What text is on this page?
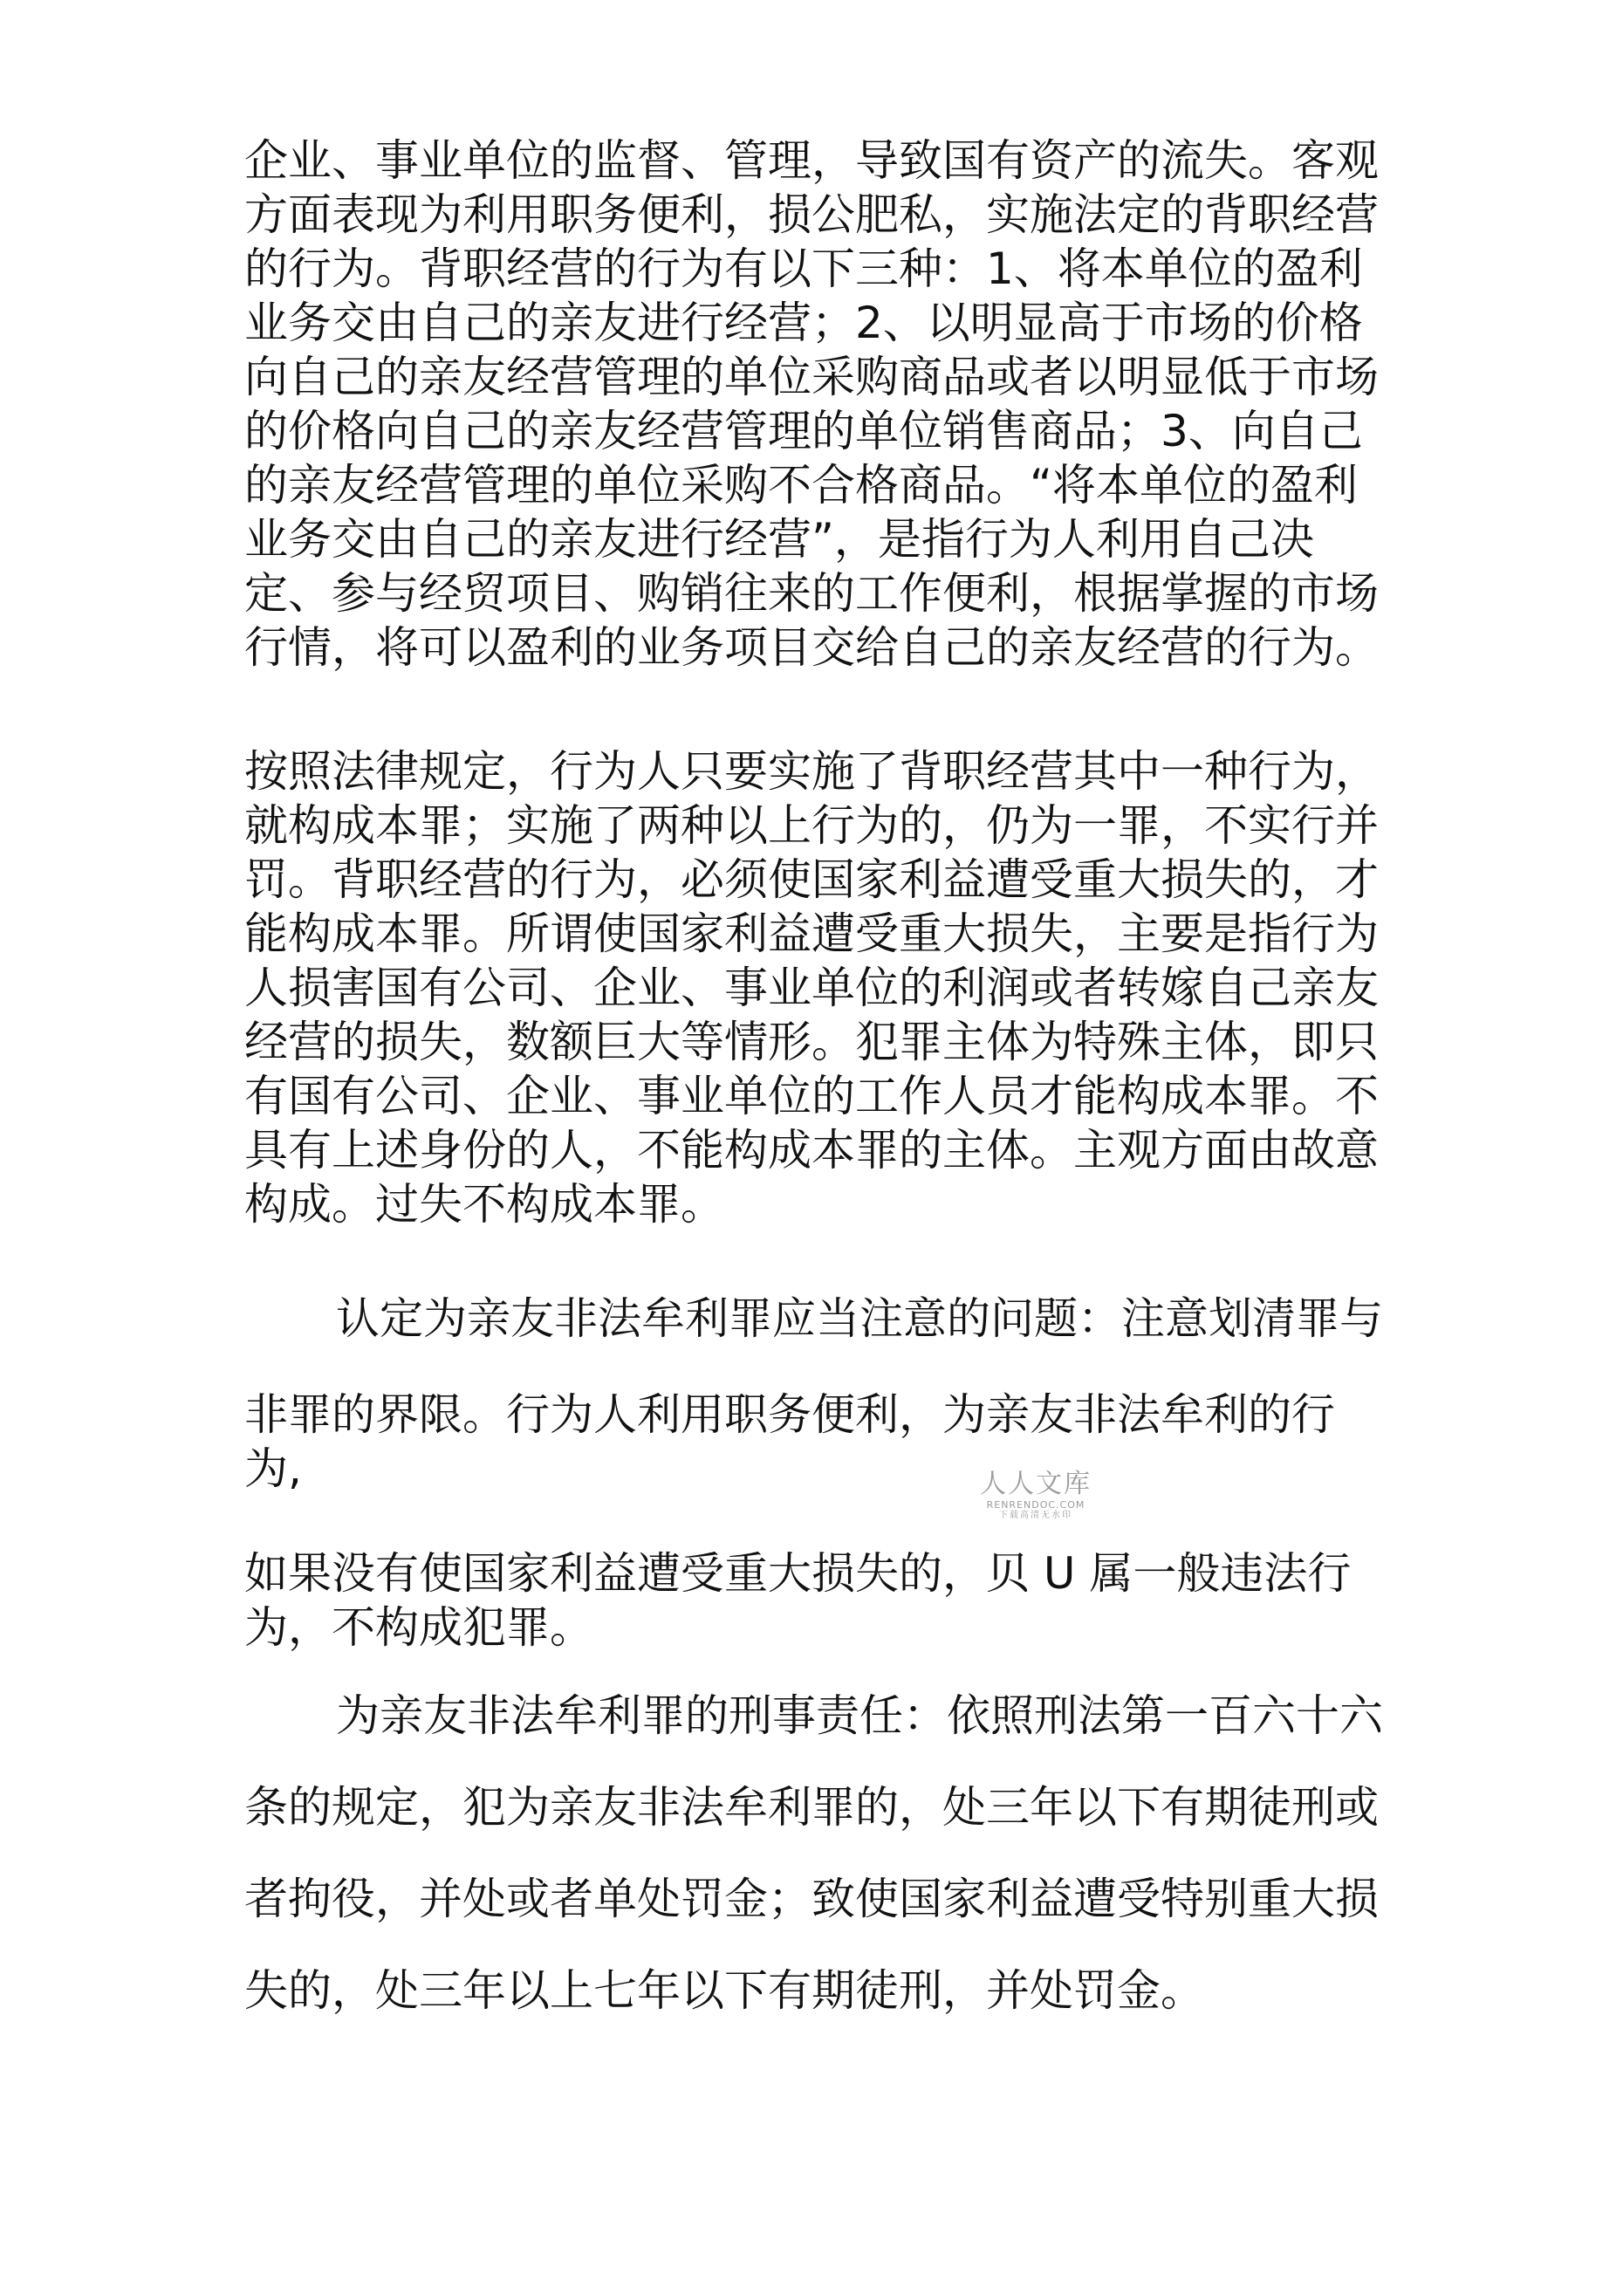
企业、事业单位的监督、管理，导致国有资产的流失。客观

方面表现为利用职务便利，损公肥私，实施法定的背职经营

的行为。背职经营的行为有以下三种：1、将本单位的盈利

业务交由自己的亲友进行经营；2、以明显高于市场的价格

向自己的亲友经营管理的单位采购商品或者以明显低于市场

的价格向自己的亲友经营管理的单位销售商品；3、向自己

的亲友经营管理的单位采购不合格商品。“将本单位的盈利

业务交由自己的亲友进行经营”，是指行为人利用自己决

定、参与经贸项目、购销往来的工作便利，根据掌握的市场

行情，将可以盈利的业务项目交给自己的亲友经营的行为。

按照法律规定，行为人只要实施了背职经营其中一种行为，

就构成本罪；实施了两种以上行为的，仍为一罪，不实行并

罚。背职经营的行为，必须使国家利益遭受重大损失的，才

能构成本罪。所谓使国家利益遭受重大损失，主要是指行为

人损害国有公司、企业、事业单位的利润或者转嫁自己亲友

经营的损失，数额巨大等情形。犯罪主体为特殊主体，即只

有国有公司、企业、事业单位的工作人员才能构成本罪。不

具有上述身份的人，不能构成本罪的主体。主观方面由故意

构成。过失不构成本罪。

认定为亲友非法牟利罪应当注意的问题：注意划清罪与

非罪的界限。行为人利用职务便利，为亲友非法牟利的行

为,	人人文库
RENRENDOC.COM
下载高清无水印

如果没有使国家利益遭受重大损失的，贝 U 属一般违法行

为，不构成犯罪。

为亲友非法牟利罪的刑事责任：依照刑法第一百六十六

条的规定，犯为亲友非法牟利罪的，处三年以下有期徒刑或

者拘役，并处或者单处罚金；致使国家利益遭受特别重大损

失的，处三年以上七年以下有期徒刑，并处罚金。
